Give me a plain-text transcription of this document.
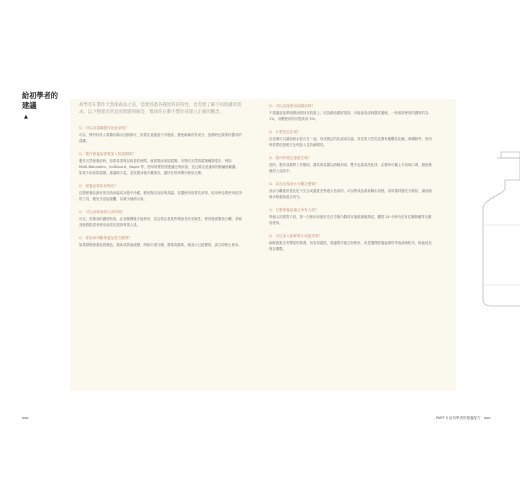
給初學者的建議
▲
初學者在製作天然保養品之前，需要熟悉各種原料的特性，也需要了解不同肌膚的需求。以下整理出常見的問題與解答，幫助你在動手製作前建立正確的觀念。
Q：可以用電鍋製作化妝品嗎？
可以，將材料放入電鍋內隔水加熱即可，但要注意溫度不可過高，避免破壞有效成分，加熱時也要保持器具的清潔。
Q：製作保養品需要加入防腐劑嗎？
製作天然保養品時，如果希望保存較長的時間，就需要添加防腐劑。市售的天然防腐劑種類很多，例如 Multi-Naturotics、IndiGuard、Napre 等，使用時要依照建議比例添加，並且要注意適用的酸鹼值範圍。如果不添加防腐劑，建議做少量，並放置冰箱冷藏保存，盡快在短時間內使用完畢。
Q：保養品要如何保存？
自製保養品最好放在陰涼處或冰箱中冷藏，避免陽光直射與高溫。容器使用前要先消毒，取用時也要使用乾淨的工具，避免手直接接觸，以減少細菌污染。
Q：可以用精油取代香料嗎？
可以，但精油的濃度較高，必須稀釋後才能使用，並且要注意某些精油具有光敏性，使用後需避免日曬。孕婦及敏感肌膚者使用前請先諮詢專業人員。
Q：要如何判斷保養品是否變質？
如果發現保養品的顏色、氣味或質地改變，例如出現分層、發霉或酸味，就表示已經變質，請立即停止使用。
Q：可以直接使用純精油嗎？
不建議直接將純精油塗抹在肌膚上，因為精油濃度很高，可能會造成刺激或過敏。一般面部使用的濃度約為 1%，身體使用則可提高到 3%。
Q：什麼是乳化劑？
乳化劑可以讓油和水混合在一起，形成穩定的乳液或乳霜。常見的天然乳化劑有橄欖乳化蠟、卵磷脂等，使用時需要依照配方比例加入並持續攪拌。
Q：製作時要注意衛生嗎？
是的，製作前要將工作檯面、器具與容器以酒精消毒，雙手也要清洗乾淨，必要時可戴上手套與口罩，避免雜菌混入成品中。
Q：成品出現油水分離怎麼辦？
油水分離通常是乳化不完全或溫度差異過大造成的。可以將成品重新隔水加熱，再用攪拌器充分攪拌，讓油相與水相重新混合均勻。
Q：自製保養品適合所有人嗎？
每個人的膚質不同，第一次使用前最好先在手腕內側或耳後做過敏測試，觀察 24 小時內沒有紅腫發癢等反應再使用。
Q：可以加入新鮮果汁或蔬菜嗎？
新鮮蔬果含有豐富的營養，但容易腐敗，建議製作後立即使用，或是選擇經過處理的萃取液與粉末，較能延長保存期限。
ooo	PART 5 給初學者的保養配方　ooo
